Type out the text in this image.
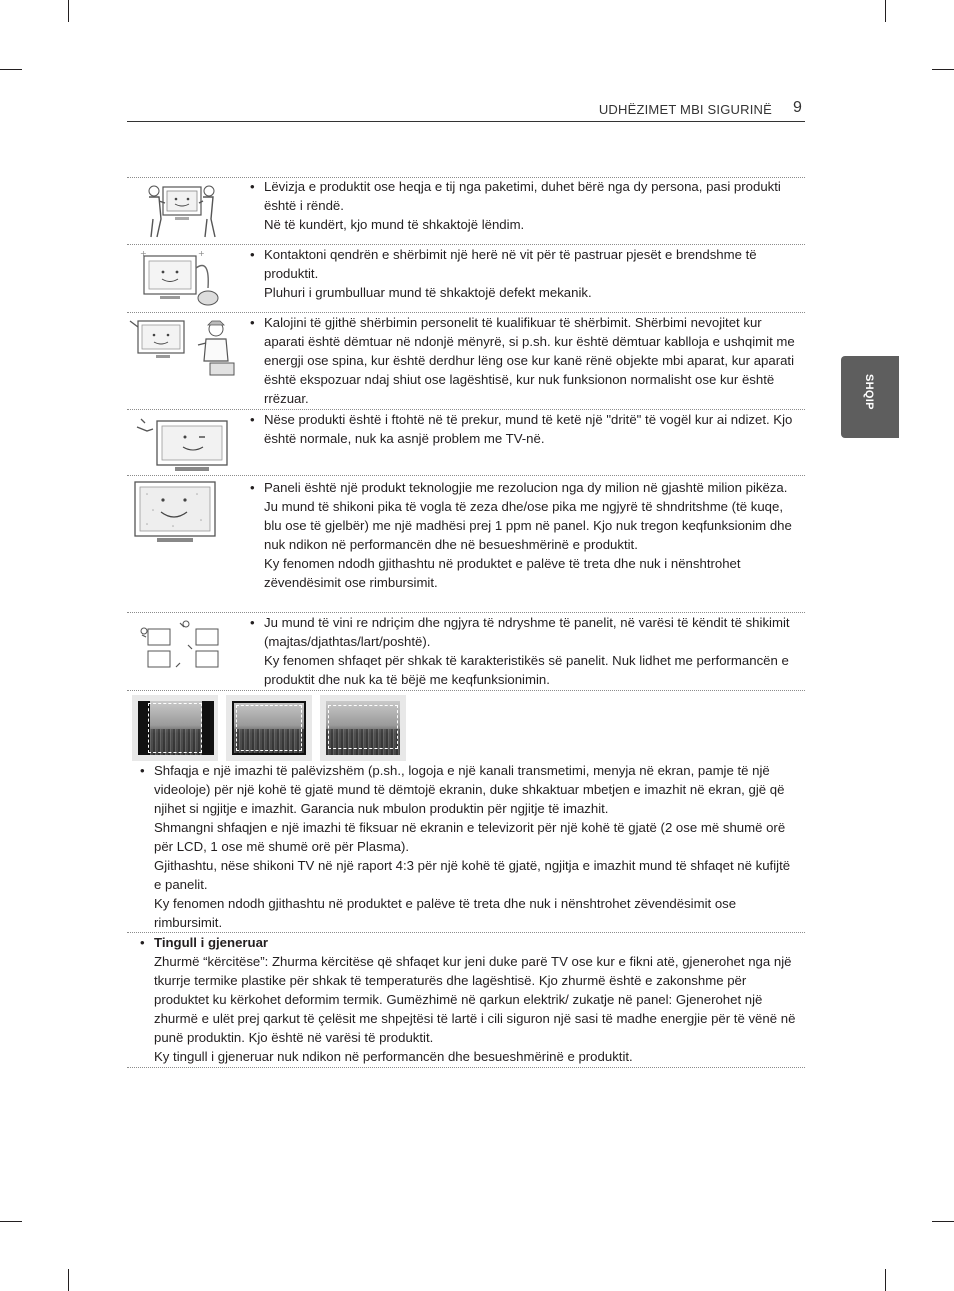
UDHËZIMET MBI SIGURINË 9
SHQIP
+	+
• Lëvizja e produktit ose heqja e tij nga paketimi, duhet bërë nga dy persona, pasi produkti është i rëndë.

Në të kundërt, kjo mund të shkaktojë lëndim.

• Kontaktoni qendrën e shërbimit një herë në vit për të pastruar pjesët e brendshme të produktit.

Pluhuri i grumbulluar mund të shkaktojë defekt mekanik.

• Kalojini të gjithë shërbimin personelit të kualifikuar të shërbimit. Shërbimi nevojitet kur aparati është dëmtuar në ndonjë mënyrë, si p.sh. kur është dëmtuar kablloja e ushqimit me energji ose spina, kur është derdhur lëng ose kur kanë rënë objekte mbi aparat, kur aparati është ekspozuar ndaj shiut ose lagështisë, kur nuk funksionon normalisht ose kur është rrëzuar.

• Nëse produkti është i ftohtë në të prekur, mund të ketë një "dritë" të vogël kur ai ndizet. Kjo është normale, nuk ka asnjë problem me TV-në.

• Paneli është një produkt teknologjie me rezolucion nga dy milion në gjashtë milion pikëza. Ju mund të shikoni pika të vogla të zeza dhe/ose pika me ngjyrë të shndritshme (të kuqe, blu ose të gjelbër) me një madhësi prej 1 ppm në panel. Kjo nuk tregon keqfunksionim dhe nuk ndikon në performancën dhe në besueshmërinë e produktit.

Ky fenomen ndodh gjithashtu në produktet e palëve të treta dhe nuk i nënshtrohet zëvendësimit ose rimbursimit.

• Ju mund të vini re ndriçim dhe ngjyra të ndryshme të panelit, në varësi të këndit të shikimit (majtas/djathtas/lart/poshtë).

Ky fenomen shfaqet për shkak të karakteristikës së panelit. Nuk lidhet me performancën e produktit dhe nuk ka të bëjë me keqfunksionimin.

• Shfaqja e një imazhi të palëvizshëm (p.sh., logoja e një kanali transmetimi, menyja në ekran, pamje të një videoloje) për një kohë të gjatë mund të dëmtojë ekranin, duke shkaktuar mbetjen e imazhit në ekran, gjë që njihet si ngjitje e imazhit. Garancia nuk mbulon produktin për ngjitje të imazhit.

Shmangni shfaqjen e një imazhi të fiksuar në ekranin e televizorit për një kohë të gjatë (2 ose më shumë orë për LCD, 1 ose më shumë orë për Plasma).

Gjithashtu, nëse shikoni TV në një raport 4:3 për një kohë të gjatë, ngjitja e imazhit mund të shfaqet në kufijtë e panelit.

Ky fenomen ndodh gjithashtu në produktet e palëve të treta dhe nuk i nënshtrohet zëvendësimit ose rimbursimit.

• Tingull i gjeneruar

Zhurmë “kërcitëse”: Zhurma kërcitëse që shfaqet kur jeni duke parë TV ose kur e fikni atë, gjenerohet nga një tkurrje termike plastike për shkak të temperaturës dhe lagështisë. Kjo zhurmë është e zakonshme për produktet ku kërkohet deformim termik. Gumëzhimë në qarkun elektrik/ zukatje në panel: Gjenerohet një zhurmë e ulët prej qarkut të çelësit me shpejtësi të lartë i cili siguron një sasi të madhe energjie për të vënë në punë produktin. Kjo është në varësi të produktit.

Ky tingull i gjeneruar nuk ndikon në performancën dhe besueshmërinë e produktit.
